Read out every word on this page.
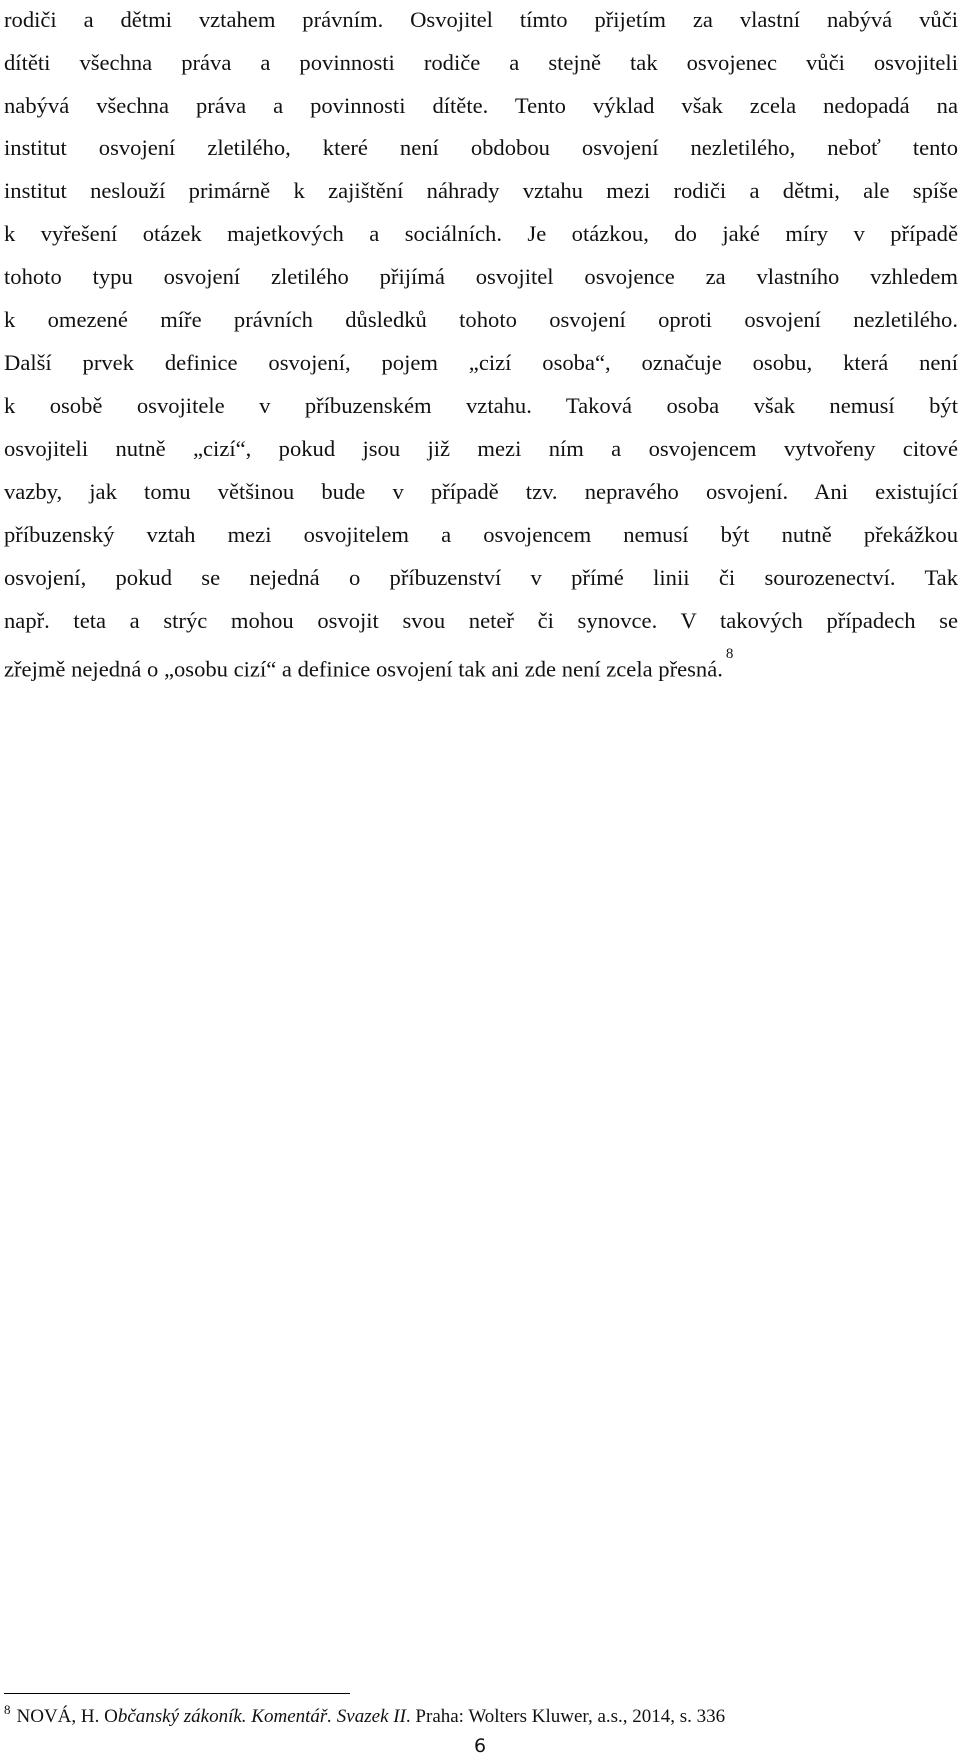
rodiči a dětmi vztahem právním. Osvojitel tímto přijetím za vlastní nabývá vůči
dítěti všechna práva a povinnosti rodiče a stejně tak osvojenec vůči osvojiteli
nabývá všechna práva a povinnosti dítěte. Tento výklad však zcela nedopadá na
institut osvojení zletilého, které není obdobou osvojení nezletilého, neboť tento
institut neslouží primárně k zajištění náhrady vztahu mezi rodiči a dětmi, ale spíše
k vyřešení otázek majetkových a sociálních. Je otázkou, do jaké míry v případě
tohoto typu osvojení zletilého přijímá osvojitel osvojence za vlastního vzhledem
k omezené míře právních důsledků tohoto osvojení oproti osvojení nezletilého.
Další prvek definice osvojení, pojem „cizí osoba“, označuje osobu, která není
k osobě osvojitele v příbuzenském vztahu. Taková osoba však nemusí být
osvojiteli nutně „cizí“, pokud jsou již mezi ním a osvojencem vytvořeny citové
vazby, jak tomu většinou bude v případě tzv. nepravého osvojení. Ani existující
příbuzenský vztah mezi osvojitelem a osvojencem nemusí být nutně překážkou
osvojení, pokud se nejedná o příbuzenství v přímé linii či sourozenectví. Tak
např. teta a strýc mohou osvojit svou neteř či synovce. V takových případech se
zřejmě nejedná o „osobu cizí“ a definice osvojení tak ani zde není zcela přesná.$^8$
$^8$ NOVÁ, H. Občanský zákoník. Komentář. Svazek II. Praha: Wolters Kluwer, a.s., 2014, s. 336
6
